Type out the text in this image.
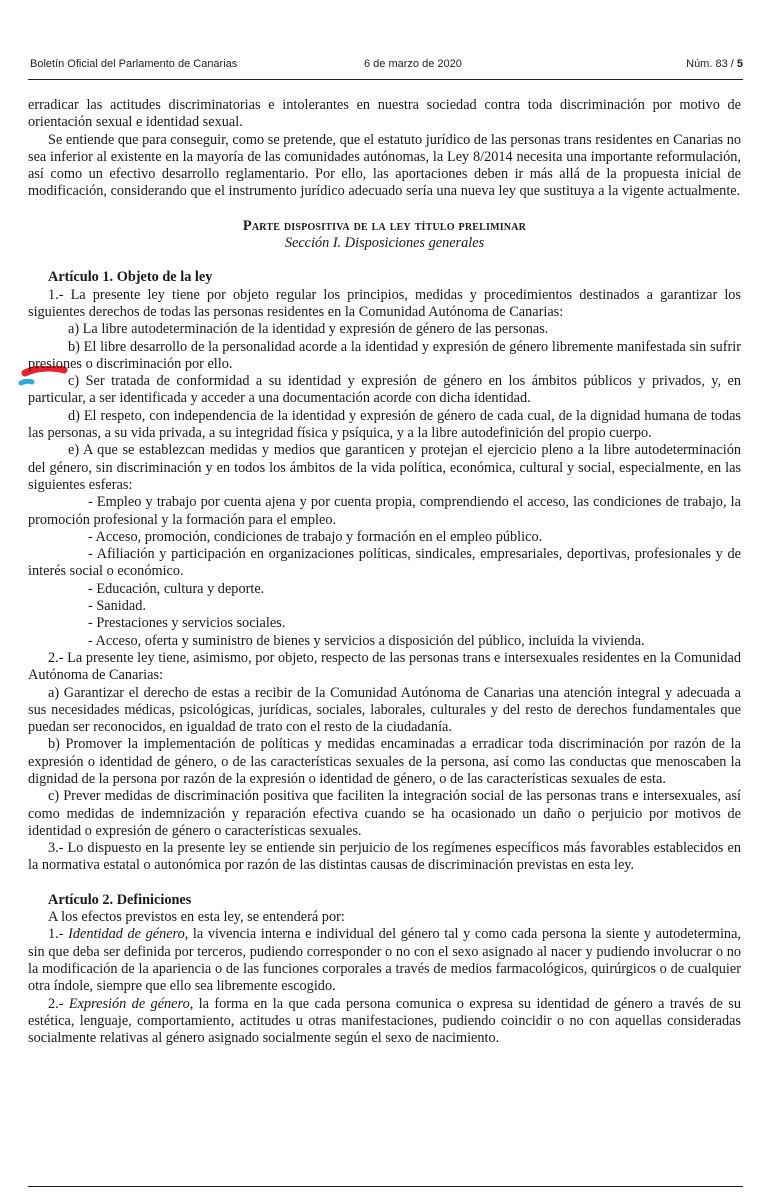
Boletín Oficial del Parlamento de Canarias	6 de marzo de 2020	Núm. 83 / 5

erradicar las actitudes discriminatorias e intolerantes en nuestra sociedad contra toda discriminación por motivo de orientación sexual e identidad sexual.

Se entiende que para conseguir, como se pretende, que el estatuto jurídico de las personas trans residentes en Canarias no sea inferior al existente en la mayoría de las comunidades autónomas, la Ley 8/2014 necesita una importante reformulación, así como un efectivo desarrollo reglamentario. Por ello, las aportaciones deben ir más allá de la propuesta inicial de modificación, considerando que el instrumento jurídico adecuado sería una nueva ley que sustituya a la vigente actualmente.

Parte dispositiva de la ley título preliminar

Sección I. Disposiciones generales

Artículo 1. Objeto de la ley

1.- La presente ley tiene por objeto regular los principios, medidas y procedimientos destinados a garantizar los siguientes derechos de todas las personas residentes en la Comunidad Autónoma de Canarias:

a) La libre autodeterminación de la identidad y expresión de género de las personas.

b) El libre desarrollo de la personalidad acorde a la identidad y expresión de género libremente manifestada sin sufrir presiones o discriminación por ello.

c) Ser tratada de conformidad a su identidad y expresión de género en los ámbitos públicos y privados, y, en particular, a ser identificada y acceder a una documentación acorde con dicha identidad.

d) El respeto, con independencia de la identidad y expresión de género de cada cual, de la dignidad humana de todas las personas, a su vida privada, a su integridad física y psíquica, y a la libre autodefinición del propio cuerpo.

e) A que se establezcan medidas y medios que garanticen y protejan el ejercicio pleno a la libre autodeterminación del género, sin discriminación y en todos los ámbitos de la vida política, económica, cultural y social, especialmente, en las siguientes esferas:

- Empleo y trabajo por cuenta ajena y por cuenta propia, comprendiendo el acceso, las condiciones de trabajo, la promoción profesional y la formación para el empleo.

- Acceso, promoción, condiciones de trabajo y formación en el empleo público.

- Afiliación y participación en organizaciones políticas, sindicales, empresariales, deportivas, profesionales y de interés social o económico.

- Educación, cultura y deporte.

- Sanidad.

- Prestaciones y servicios sociales.

- Acceso, oferta y suministro de bienes y servicios a disposición del público, incluida la vivienda.

2.- La presente ley tiene, asimismo, por objeto, respecto de las personas trans e intersexuales residentes en la Comunidad Autónoma de Canarias:

a) Garantizar el derecho de estas a recibir de la Comunidad Autónoma de Canarias una atención integral y adecuada a sus necesidades médicas, psicológicas, jurídicas, sociales, laborales, culturales y del resto de derechos fundamentales que puedan ser reconocidos, en igualdad de trato con el resto de la ciudadanía.

b) Promover la implementación de políticas y medidas encaminadas a erradicar toda discriminación por razón de la expresión o identidad de género, o de las características sexuales de la persona, así como las conductas que menoscaben la dignidad de la persona por razón de la expresión o identidad de género, o de las características sexuales de esta.

c) Prever medidas de discriminación positiva que faciliten la integración social de las personas trans e intersexuales, así como medidas de indemnización y reparación efectiva cuando se ha ocasionado un daño o perjuicio por motivos de identidad o expresión de género o características sexuales.

3.- Lo dispuesto en la presente ley se entiende sin perjuicio de los regímenes específicos más favorables establecidos en la normativa estatal o autonómica por razón de las distintas causas de discriminación previstas en esta ley.

Artículo 2. Definiciones

A los efectos previstos en esta ley, se entenderá por:

1.- Identidad de género, la vivencia interna e individual del género tal y como cada persona la siente y autodetermina, sin que deba ser definida por terceros, pudiendo corresponder o no con el sexo asignado al nacer y pudiendo involucrar o no la modificación de la apariencia o de las funciones corporales a través de medios farmacológicos, quirúrgicos o de cualquier otra índole, siempre que ello sea libremente escogido.

2.- Expresión de género, la forma en la que cada persona comunica o expresa su identidad de género a través de su estética, lenguaje, comportamiento, actitudes u otras manifestaciones, pudiendo coincidir o no con aquellas consideradas socialmente relativas al género asignado socialmente según el sexo de nacimiento.
